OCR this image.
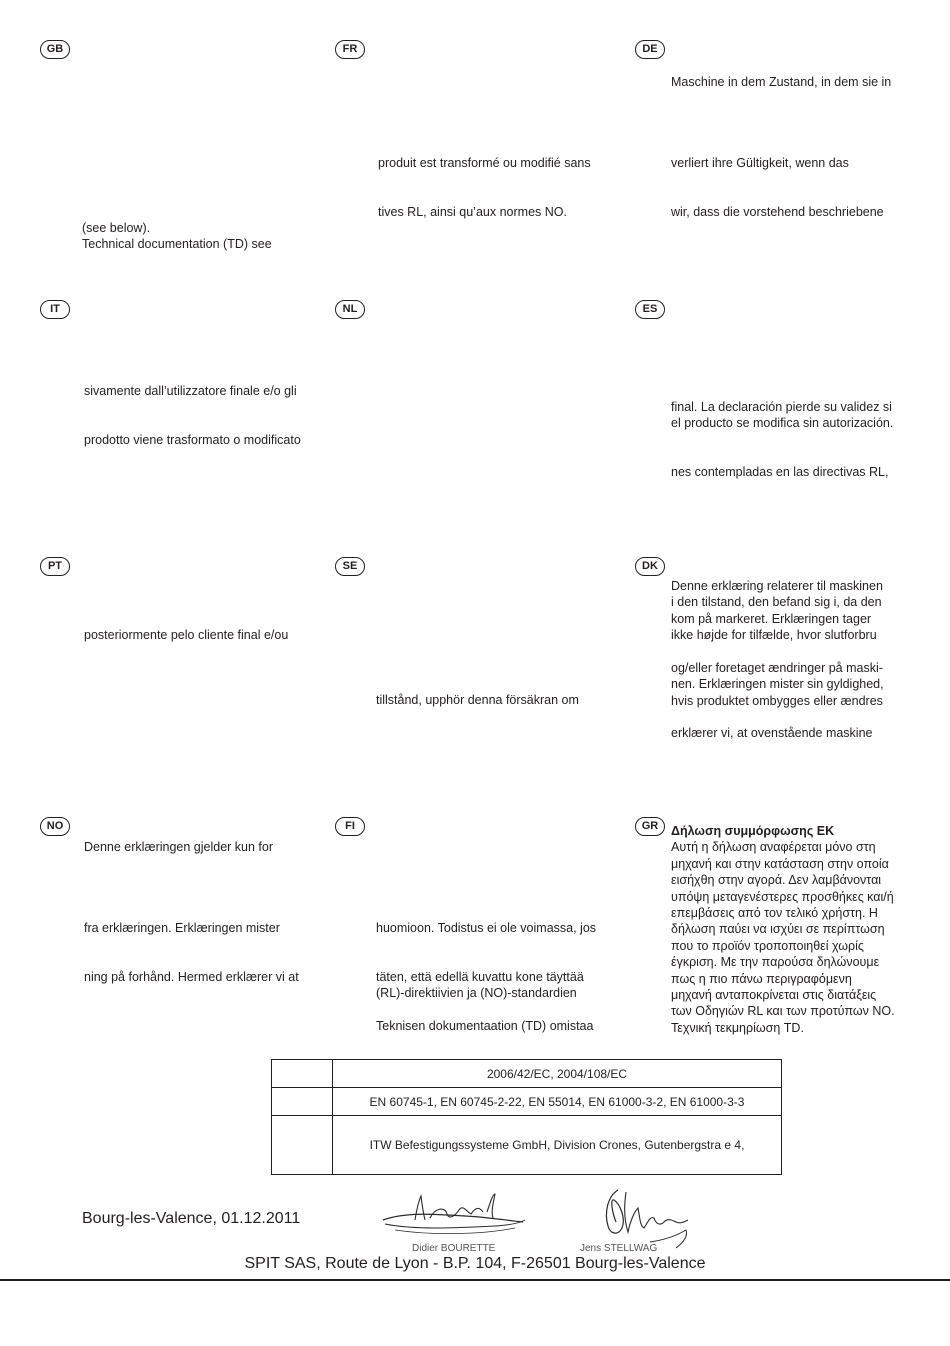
GB	FR	DE
IT	NL	ES
PT	SE	DK
NO	FI	GR
(see below).
Technical documentation (TD) see
produit est transformé ou modifié sans
tives RL, ainsi qu’aux normes NO.
Maschine in dem Zustand, in dem sie in
verliert ihre Gültigkeit, wenn das
wir, dass die vorstehend beschriebene
sivamente dall’utilizzatore finale e/o gli
prodotto viene trasformato o modificato
final. La declaración pierde su validez si
el producto se modifica sin autorización.
nes contempladas en las directivas RL,
posteriormente pelo cliente final e/ou
tillstånd, upphör denna försäkran om
Denne erklæring relaterer til maskinen
i den tilstand, den befand sig i, da den
kom på markeret. Erklæringen tager
ikke højde for tilfælde, hvor slutforbru
og/eller foretaget ændringer på maski-
nen. Erklæringen mister sin gyldighed,
hvis produktet ombygges eller ændres
erklærer vi, at ovenstående maskine
Denne erklæringen gjelder kun for
fra erklæringen. Erklæringen mister
ning på forhånd. Hermed erklærer vi at
huomioon. Todistus ei ole voimassa, jos
täten, että edellä kuvattu kone täyttää
(RL)-direktiivien ja (NO)-standardien
Teknisen dokumentaation (TD) omistaa
Δήλωση συμμόρφωσης ΕΚ
Αυτή η δήλωση αναφέρεται μόνο στη
μηχανή και στην κατάσταση στην οποία
εισήχθη στην αγορά. Δεν λαμβάνονται
υπόψη μεταγενέστερες προσθήκες και/ή
επεμβάσεις από τον τελικό χρήστη. Η
δήλωση παύει να ισχύει σε περίπτωση
που το προϊόν τροποποιηθεί χωρίς
έγκριση. Με την παρούσα δηλώνουμε
πως η πιο πάνω περιγραφόμενη
μηχανή ανταποκρίνεται στις διατάξεις
των Οδηγιών RL και των προτύπων NO.
Τεχνική τεκμηρίωση TD.
	2006/42/EC, 2004/108/EC
	EN 60745-1, EN 60745-2-22, EN 55014, EN 61000-3-2, EN 61000-3-3
	ITW Befestigungssysteme GmbH, Division Crones, Gutenbergstra e 4,
Bourg-les-Valence, 01.12.2011
Didier BOURETTE	Jens STELLWAG
SPIT SAS, Route de Lyon - B.P. 104, F-26501 Bourg-les-Valence
